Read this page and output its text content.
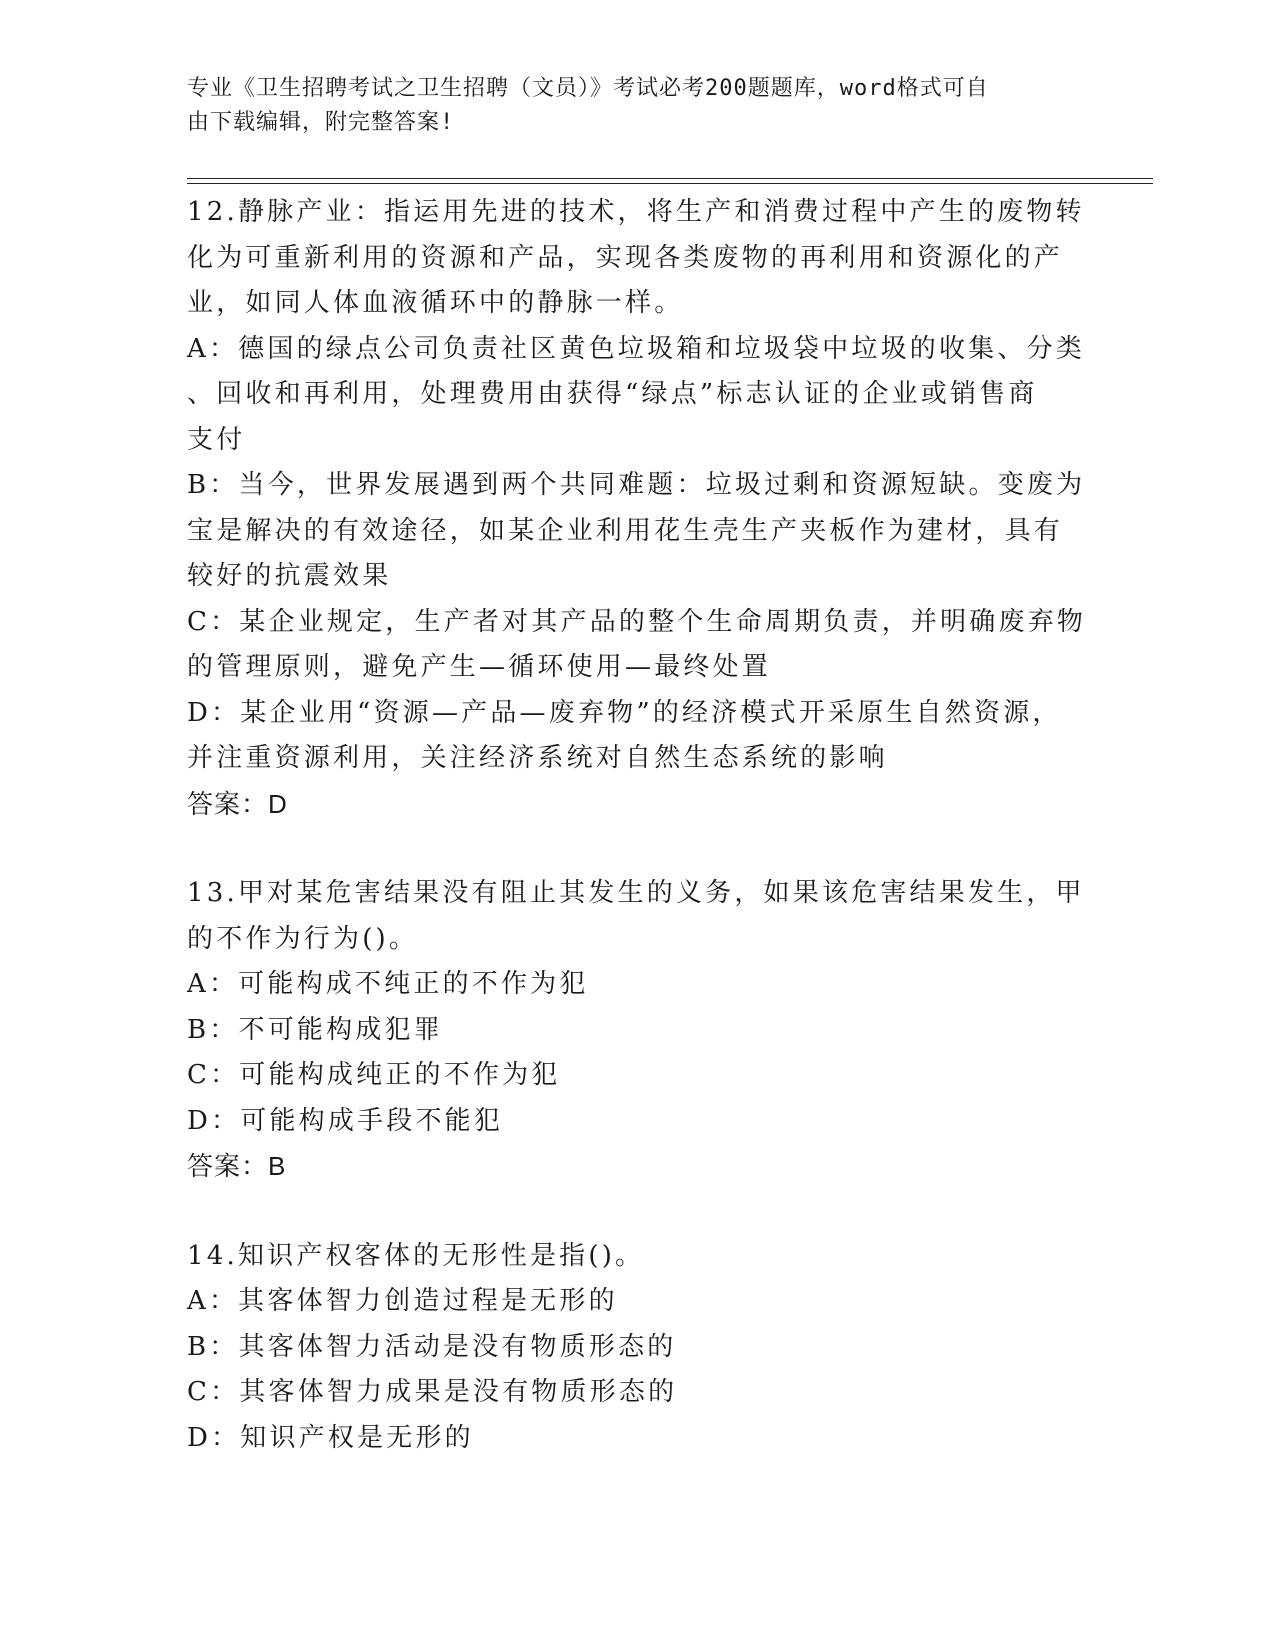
专业《卫生招聘考试之卫生招聘（文员）》考试必考200题题库，word格式可自
由下载编辑，附完整答案!
12.静脉产业：指运用先进的技术，将生产和消费过程中产生的废物转
化为可重新利用的资源和产品，实现各类废物的再利用和资源化的产
业，如同人体血液循环中的静脉一样。
A：德国的绿点公司负责社区黄色垃圾箱和垃圾袋中垃圾的收集、分类
、回收和再利用，处理费用由获得“绿点”标志认证的企业或销售商
支付
B：当今，世界发展遇到两个共同难题：垃圾过剩和资源短缺。变废为
宝是解决的有效途径，如某企业利用花生壳生产夹板作为建材，具有
较好的抗震效果
C：某企业规定，生产者对其产品的整个生命周期负责，并明确废弃物
的管理原则，避免产生—循环使用—最终处置
D：某企业用“资源—产品—废弃物”的经济模式开采原生自然资源，
并注重资源利用，关注经济系统对自然生态系统的影响
答案：D
13.甲对某危害结果没有阻止其发生的义务，如果该危害结果发生，甲
的不作为行为()。
A：可能构成不纯正的不作为犯
B：不可能构成犯罪
C：可能构成纯正的不作为犯
D：可能构成手段不能犯
答案：B
14.知识产权客体的无形性是指()。
A：其客体智力创造过程是无形的
B：其客体智力活动是没有物质形态的
C：其客体智力成果是没有物质形态的
D：知识产权是无形的
